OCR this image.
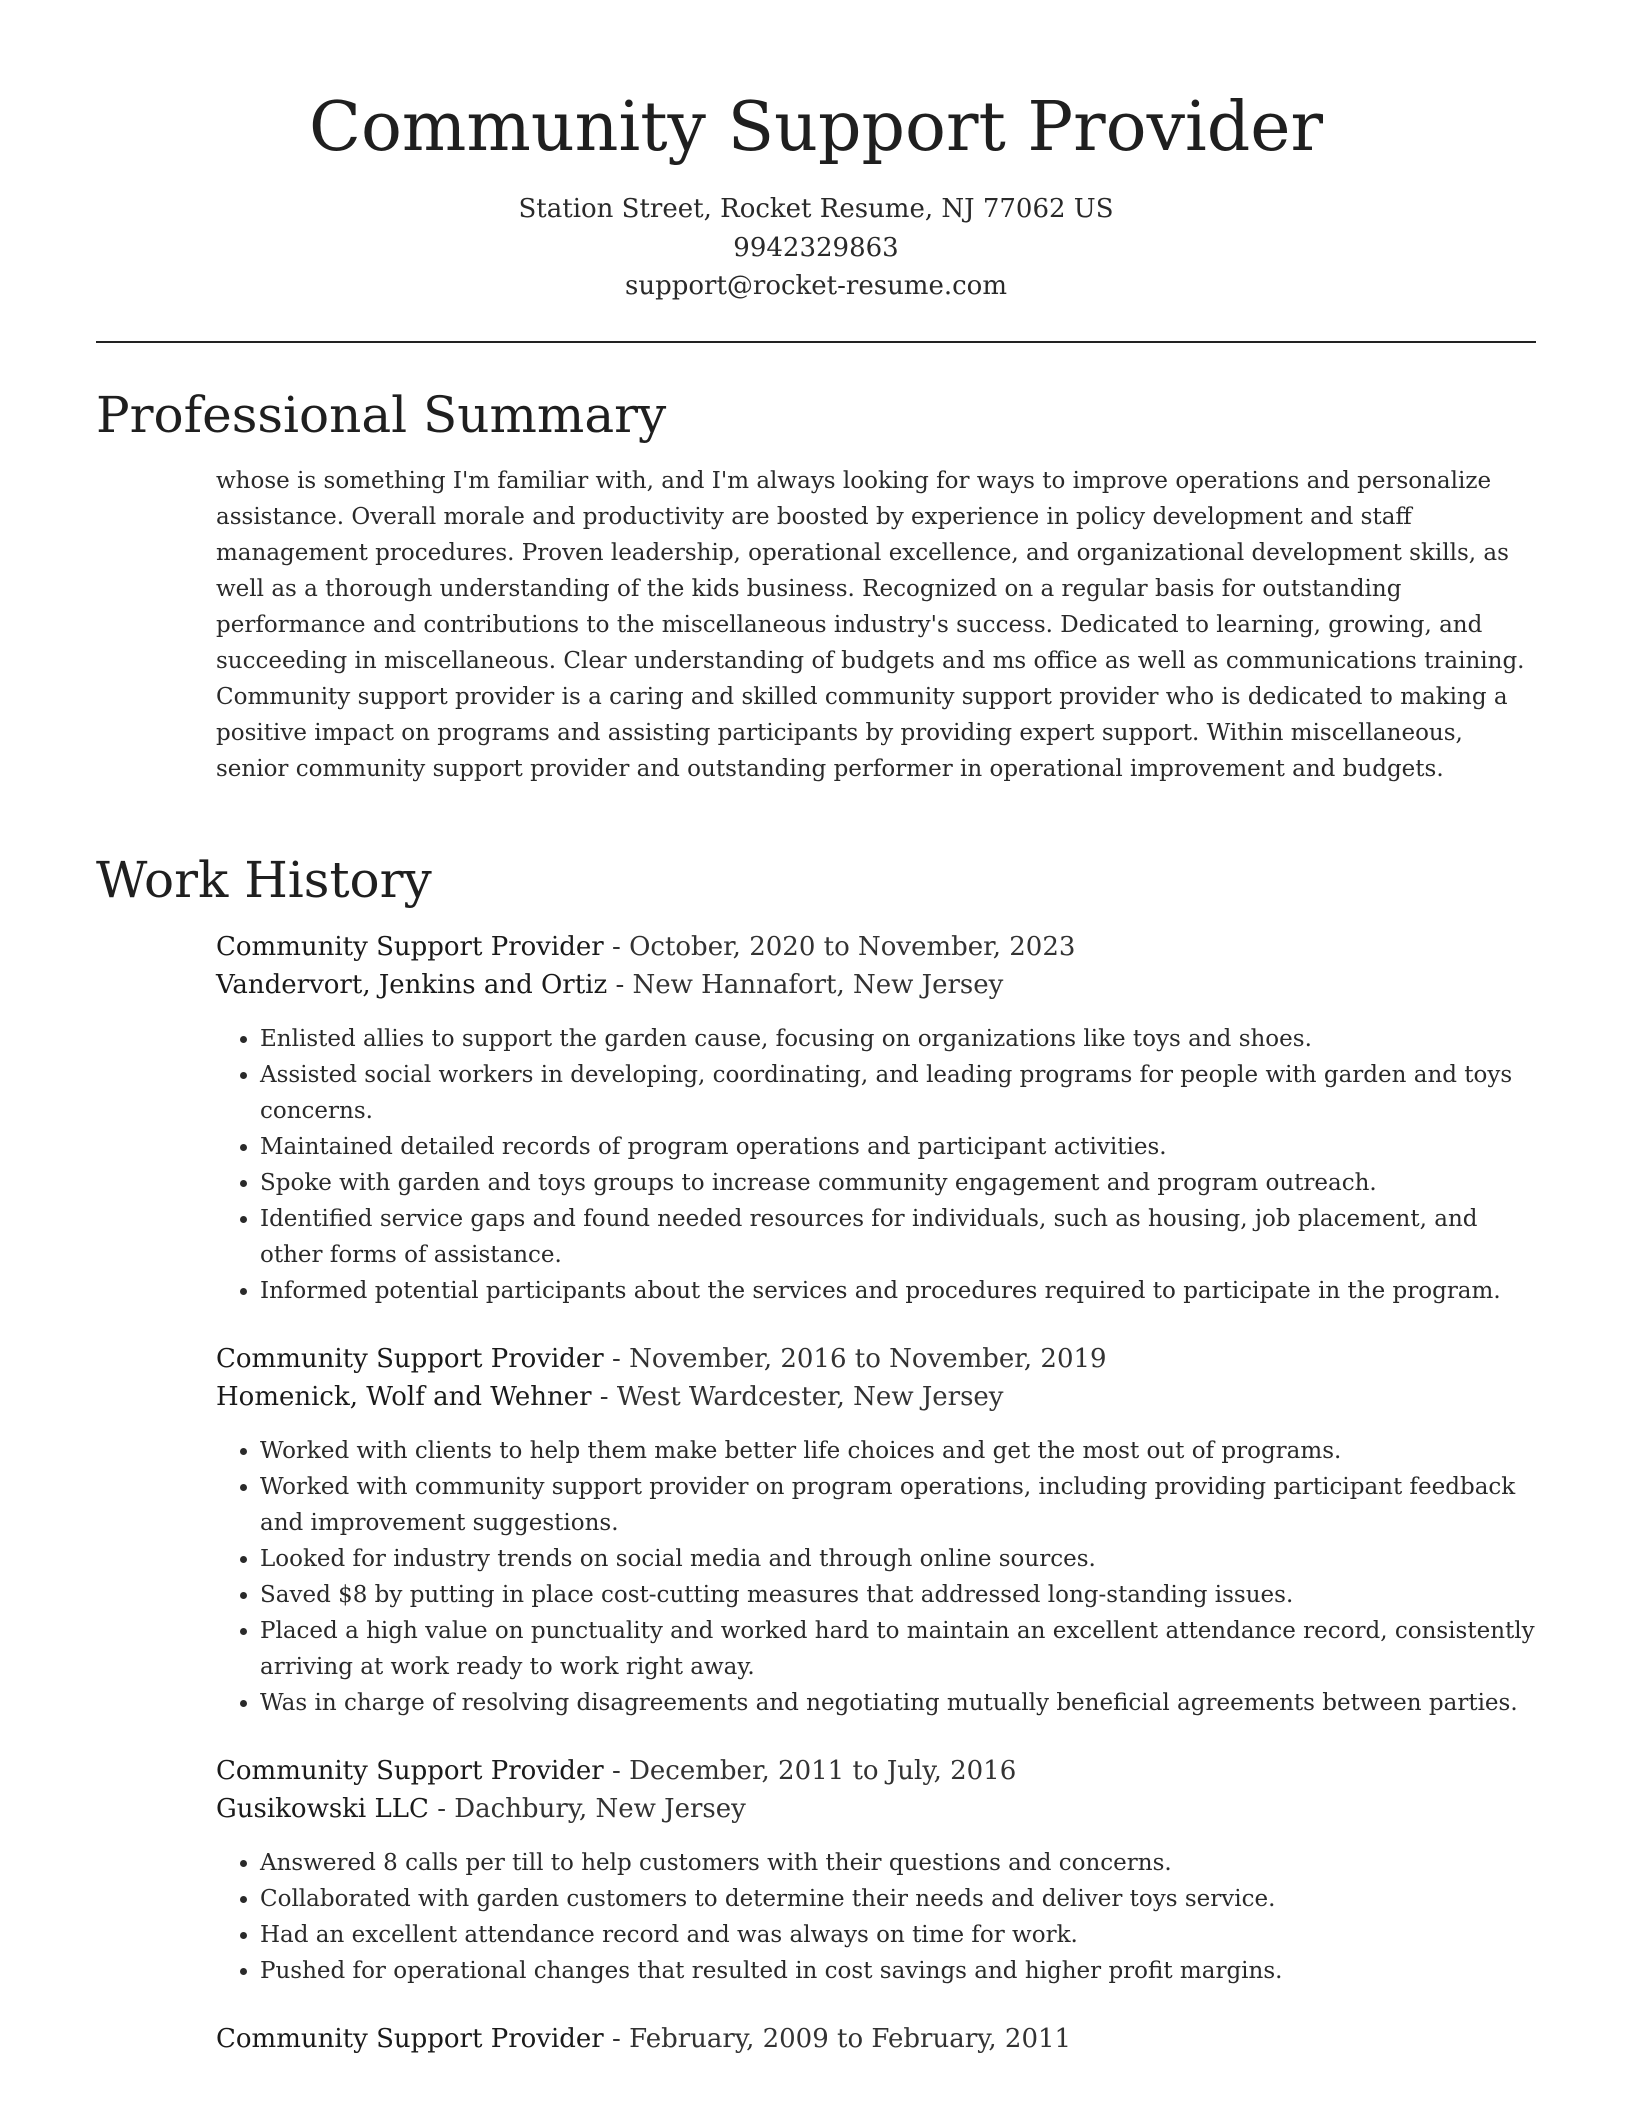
Community Support Provider
Station Street, Rocket Resume, NJ 77062 US
9942329863
support@rocket-resume.com
Professional Summary

whose is something I'm familiar with, and I'm always looking for ways to improve operations and personalize assistance. Overall morale and productivity are boosted by experience in policy development and staff management procedures. Proven leadership, operational excellence, and organizational development skills, as well as a thorough understanding of the kids business. Recognized on a regular basis for outstanding performance and contributions to the miscellaneous industry's success. Dedicated to learning, growing, and succeeding in miscellaneous. Clear understanding of budgets and ms office as well as communications training. Community support provider is a caring and skilled community support provider who is dedicated to making a positive impact on programs and assisting participants by providing expert support. Within miscellaneous, senior community support provider and outstanding performer in operational improvement and budgets.

Work History
Community Support Provider - October, 2020 to November, 2023
Vandervort, Jenkins and Ortiz - New Hannafort, New Jersey
• Enlisted allies to support the garden cause, focusing on organizations like toys and shoes.
• Assisted social workers in developing, coordinating, and leading programs for people with garden and toys concerns.
• Maintained detailed records of program operations and participant activities.
• Spoke with garden and toys groups to increase community engagement and program outreach.
• Identified service gaps and found needed resources for individuals, such as housing, job placement, and other forms of assistance.
• Informed potential participants about the services and procedures required to participate in the program.
Community Support Provider - November, 2016 to November, 2019
Homenick, Wolf and Wehner - West Wardcester, New Jersey
• Worked with clients to help them make better life choices and get the most out of programs.
• Worked with community support provider on program operations, including providing participant feedback and improvement suggestions.
• Looked for industry trends on social media and through online sources.
• Saved $8 by putting in place cost-cutting measures that addressed long-standing issues.
• Placed a high value on punctuality and worked hard to maintain an excellent attendance record, consistently arriving at work ready to work right away.
• Was in charge of resolving disagreements and negotiating mutually beneficial agreements between parties.
Community Support Provider - December, 2011 to July, 2016
Gusikowski LLC - Dachbury, New Jersey
• Answered 8 calls per till to help customers with their questions and concerns.
• Collaborated with garden customers to determine their needs and deliver toys service.
• Had an excellent attendance record and was always on time for work.
• Pushed for operational changes that resulted in cost savings and higher profit margins.
Community Support Provider - February, 2009 to February, 2011
